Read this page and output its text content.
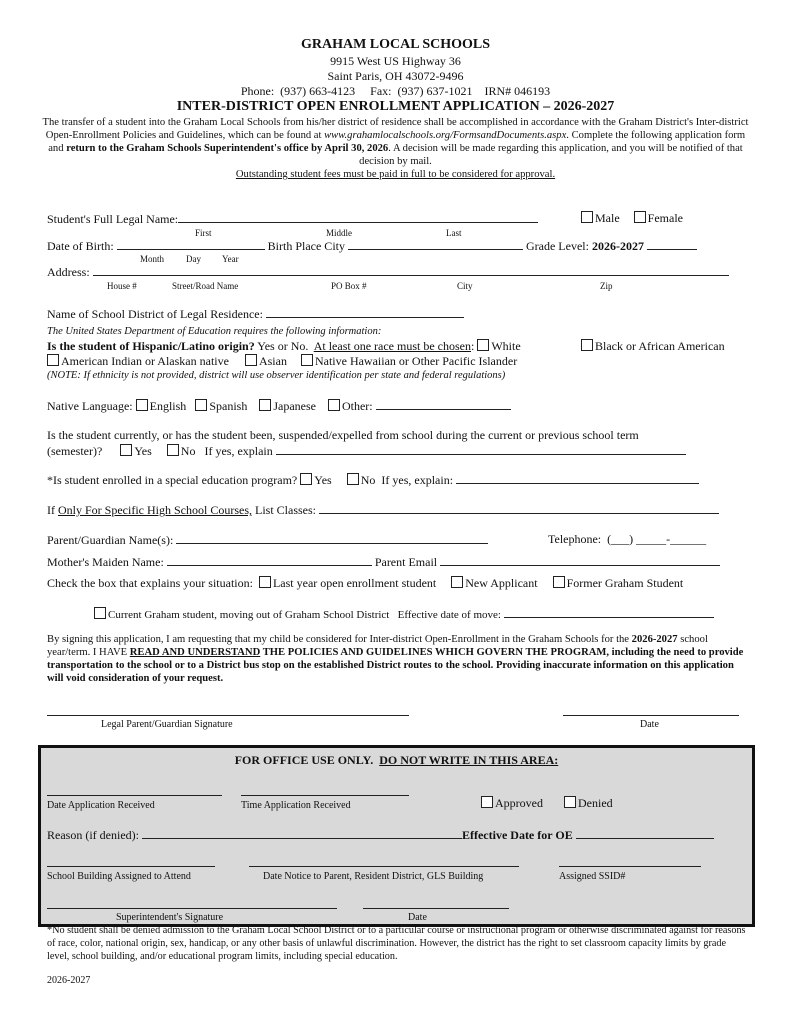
GRAHAM LOCAL SCHOOLS
9915 West US Highway 36
Saint Paris, OH 43072-9496
Phone:  (937) 663-4123     Fax:  (937) 637-1021    IRN# 046193
INTER-DISTRICT OPEN ENROLLMENT APPLICATION – 2026-2027
The transfer of a student into the Graham Local Schools from his/her district of residence shall be accomplished in accordance with the Graham District's Inter-district Open-Enrollment Policies and Guidelines, which can be found at www.grahamlocalschools.org/FormsandDocuments.aspx. Complete the following application form and return to the Graham Schools Superintendent's office by April 30, 2026. A decision will be made regarding this application, and you will be notified of that decision by mail.
Outstanding student fees must be paid in full to be considered for approval.
Student's Full Legal Name:	Male Female
First	Middle	Last
Date of Birth:	Birth Place City	Grade Level: 2026-2027
Month Day Year
Address:
House #	Street/Road Name	PO Box #	City	Zip
Name of School District of Legal Residence:
The United States Department of Education requires the following information:
Is the student of Hispanic/Latino origin? Yes or No.  At least one race must be chosen: White	Black or African American
American Indian or Alaskan native	Asian Native Hawaiian or Other Pacific Islander
(NOTE: If ethnicity is not provided, district will use observer identification per state and federal regulations)
Native Language: English Spanish Japanese Other:
Is the student currently, or has the student been, suspended/expelled from school during the current or previous school term
(semester)?	Yes No If yes, explain
*Is student enrolled in a special education program? Yes No If yes, explain:
If Only For Specific High School Courses, List Classes:
Parent/Guardian Name(s):	Telephone: (___) _____-______
Mother's Maiden Name:	Parent Email
Check the box that explains your situation: Last year open enrollment student New Applicant Former Graham Student
Current Graham student, moving out of Graham School District Effective date of move:
By signing this application, I am requesting that my child be considered for Inter-district Open-Enrollment in the Graham Schools for the 2026-2027 school year/term. I HAVE READ AND UNDERSTAND THE POLICIES AND GUIDELINES WHICH GOVERN THE PROGRAM, including the need to provide transportation to the school or to a District bus stop on the established District routes to the school. Providing inaccurate information on this application will void consideration of your request.
Legal Parent/Guardian Signature	Date
FOR OFFICE USE ONLY.  DO NOT WRITE IN THIS AREA:
Date Application Received	Time Application Received	Approved	Denied
Reason (if denied):	Effective Date for OE
School Building Assigned to Attend	Date Notice to Parent, Resident District, GLS Building	Assigned SSID#
Superintendent's Signature	Date
*No student shall be denied admission to the Graham Local School District or to a particular course or instructional program or otherwise discriminated against for reasons of race, color, national origin, sex, handicap, or any other basis of unlawful discrimination. However, the district has the right to set classroom capacity limits by grade level, school building, and/or educational program limits, including special education.
2026-2027
